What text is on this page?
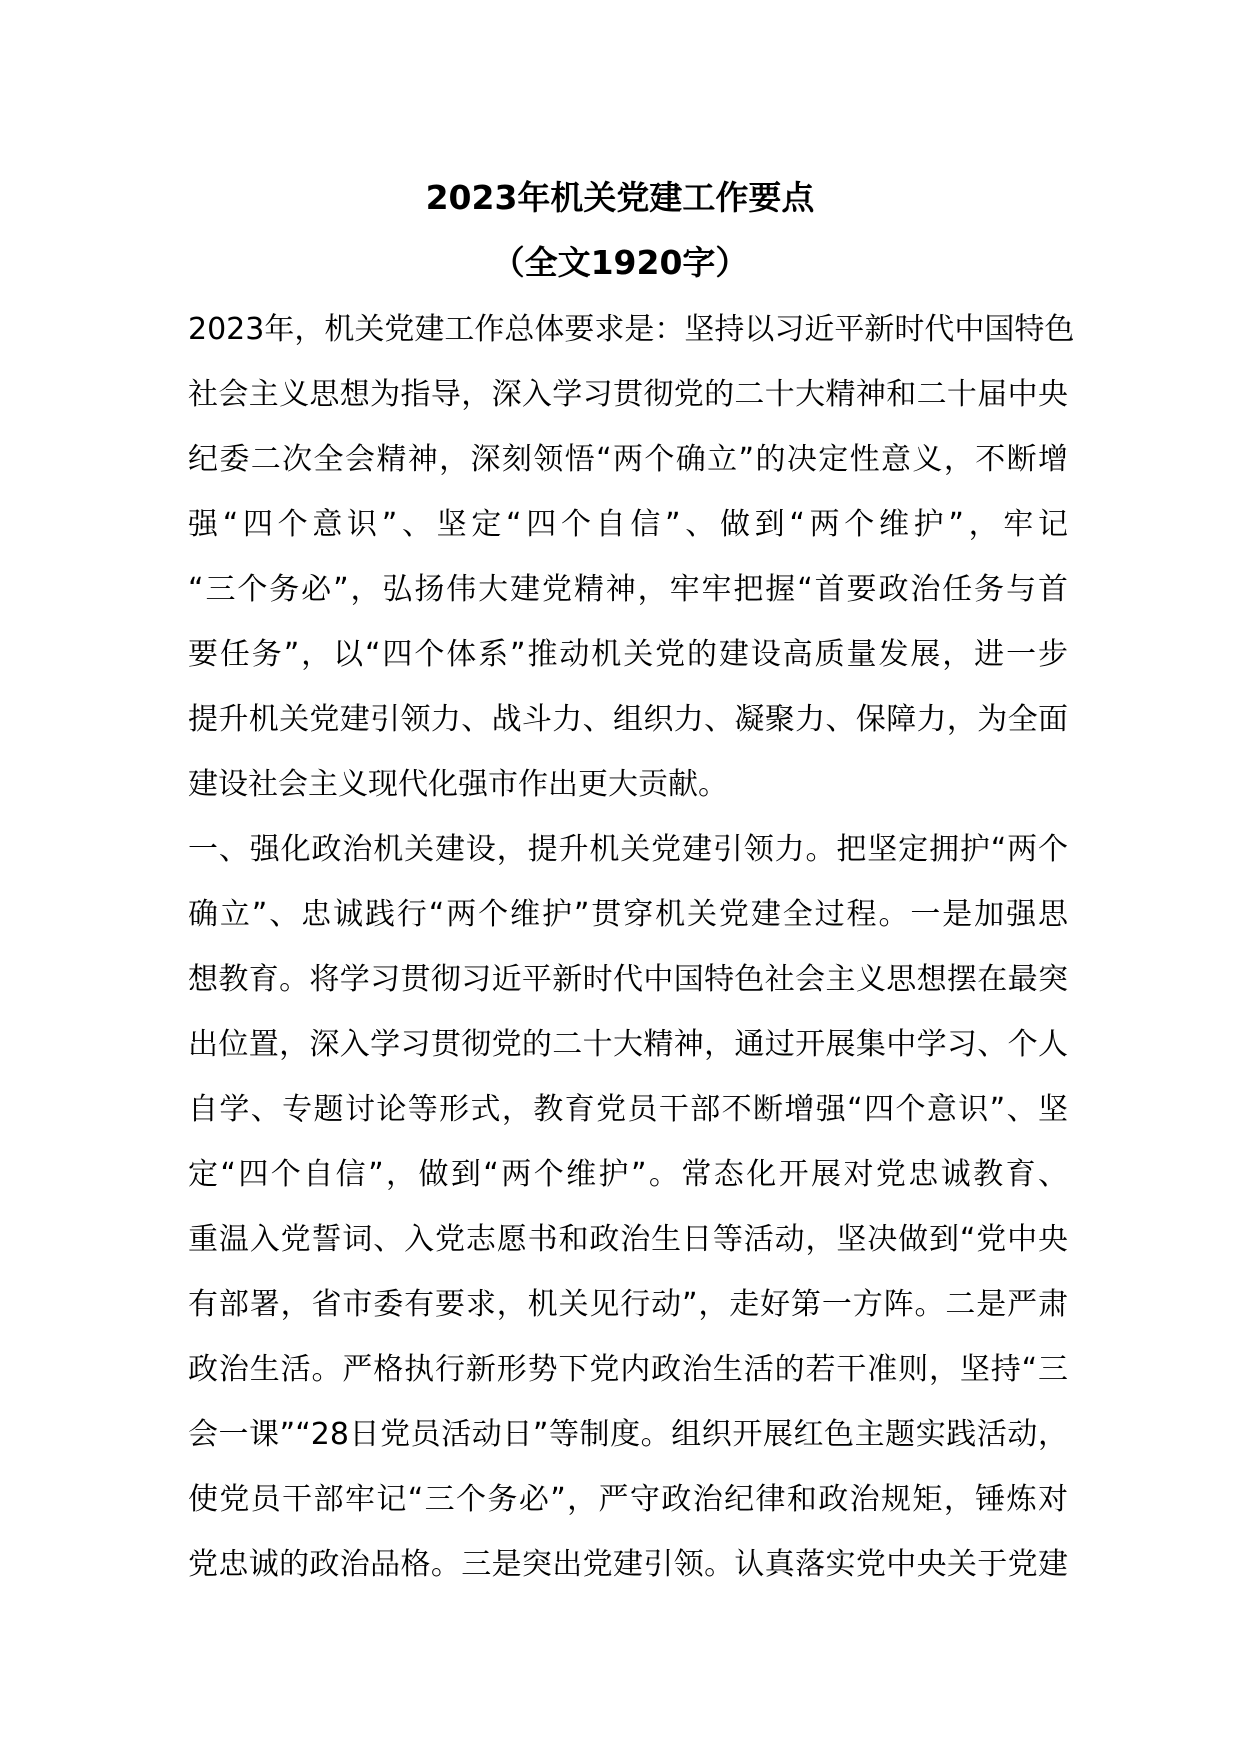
2023年机关党建工作要点
（全文1920字）
2023年，机关党建工作总体要求是：坚持以习近平新时代中国特色
社会主义思想为指导，深入学习贯彻党的二十大精神和二十届中央
纪委二次全会精神，深刻领悟“两个确立”的决定性意义，不断增
强“四个意识”、坚定“四个自信”、做到“两个维护”，牢记
“三个务必”，弘扬伟大建党精神，牢牢把握“首要政治任务与首
要任务”，以“四个体系”推动机关党的建设高质量发展，进一步
提升机关党建引领力、战斗力、组织力、凝聚力、保障力，为全面
建设社会主义现代化强市作出更大贡献。
一、强化政治机关建设，提升机关党建引领力。把坚定拥护“两个
确立”、忠诚践行“两个维护”贯穿机关党建全过程。一是加强思
想教育。将学习贯彻习近平新时代中国特色社会主义思想摆在最突
出位置，深入学习贯彻党的二十大精神，通过开展集中学习、个人
自学、专题讨论等形式，教育党员干部不断增强“四个意识”、坚
定“四个自信”，做到“两个维护”。常态化开展对党忠诚教育、
重温入党誓词、入党志愿书和政治生日等活动，坚决做到“党中央
有部署，省市委有要求，机关见行动”，走好第一方阵。二是严肃
政治生活。严格执行新形势下党内政治生活的若干准则，坚持“三
会一课”“28日党员活动日”等制度。组织开展红色主题实践活动，
使党员干部牢记“三个务必”，严守政治纪律和政治规矩，锤炼对
党忠诚的政治品格。三是突出党建引领。认真落实党中央关于党建
